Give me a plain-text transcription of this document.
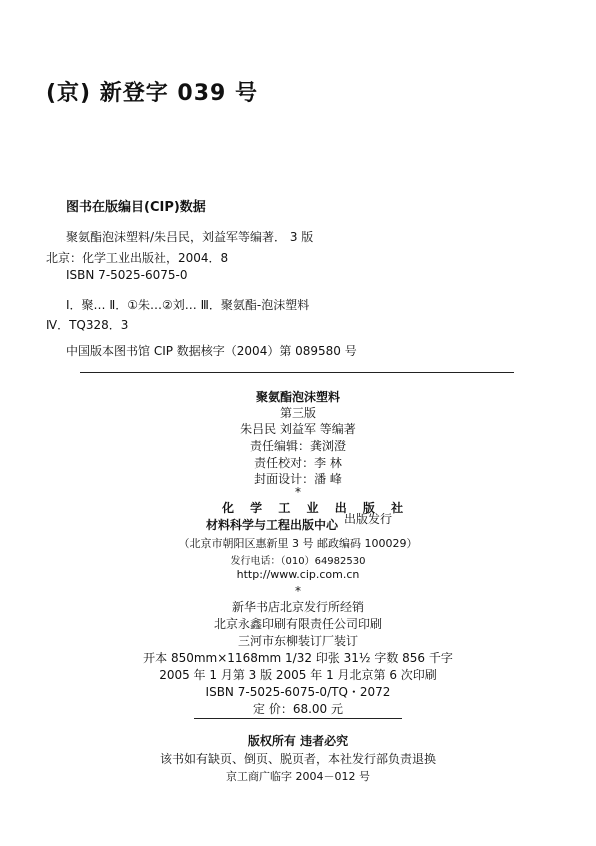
(京) 新登字 039 号
图书在版编目(CIP)数据
聚氨酯泡沫塑料/朱吕民，刘益军等编著． 3 版
北京：化学工业出版社，2004．8
ISBN 7-5025-6075-0
Ⅰ．聚… Ⅱ．①朱…②刘… Ⅲ．聚氨酯-泡沫塑料
Ⅳ．TQ328．3
中国版本图书馆 CIP 数据核字（2004）第 089580 号
聚氨酯泡沫塑料
第三版
朱吕民 刘益军 等编著
责任编辑：龚浏澄
责任校对：李 林
封面设计：潘 峰
*
化 学 工 业 出 版 社
材料科学与工程出版中心 出版发行
（北京市朝阳区惠新里 3 号 邮政编码 100029）
发行电话：（010）64982530
http://www.cip.com.cn
*
新华书店北京发行所经销
北京永鑫印刷有限责任公司印刷
三河市东柳装订厂装订
开本 850mm×1168mm 1/32 印张 31½ 字数 856 千字
2005 年 1 月第 3 版 2005 年 1 月北京第 6 次印刷
ISBN 7-5025-6075-0/TQ・2072
定 价：68.00 元
版权所有 违者必究
该书如有缺页、倒页、脱页者，本社发行部负责退换
京工商广临字 2004－012 号
